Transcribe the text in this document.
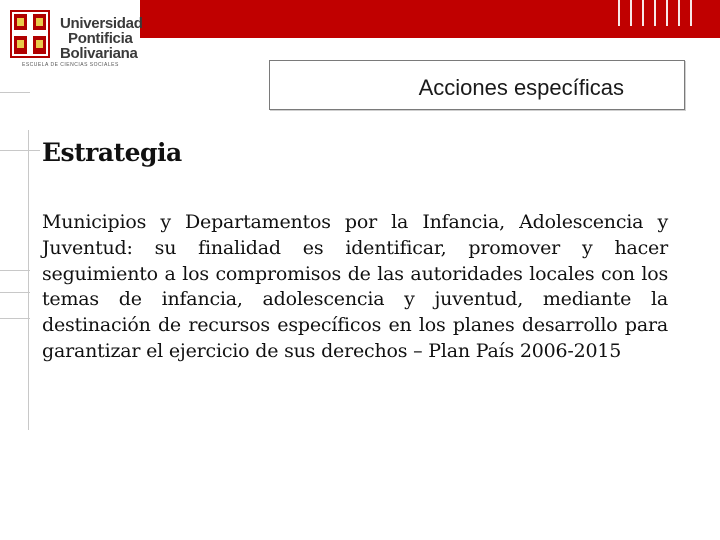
Universidad
Pontificia
Bolivariana
ESCUELA DE CIENCIAS SOCIALES
Acciones específicas
Estrategia
Municipios y Departamentos por la Infancia, Adolescencia y Juventud: su finalidad es identificar, promover y hacer seguimiento a los compromisos de las autoridades locales con los temas de infancia, adolescencia y juventud, mediante la destinación de recursos específicos en los planes desarrollo para garantizar el ejercicio de sus derechos – Plan País 2006-2015
